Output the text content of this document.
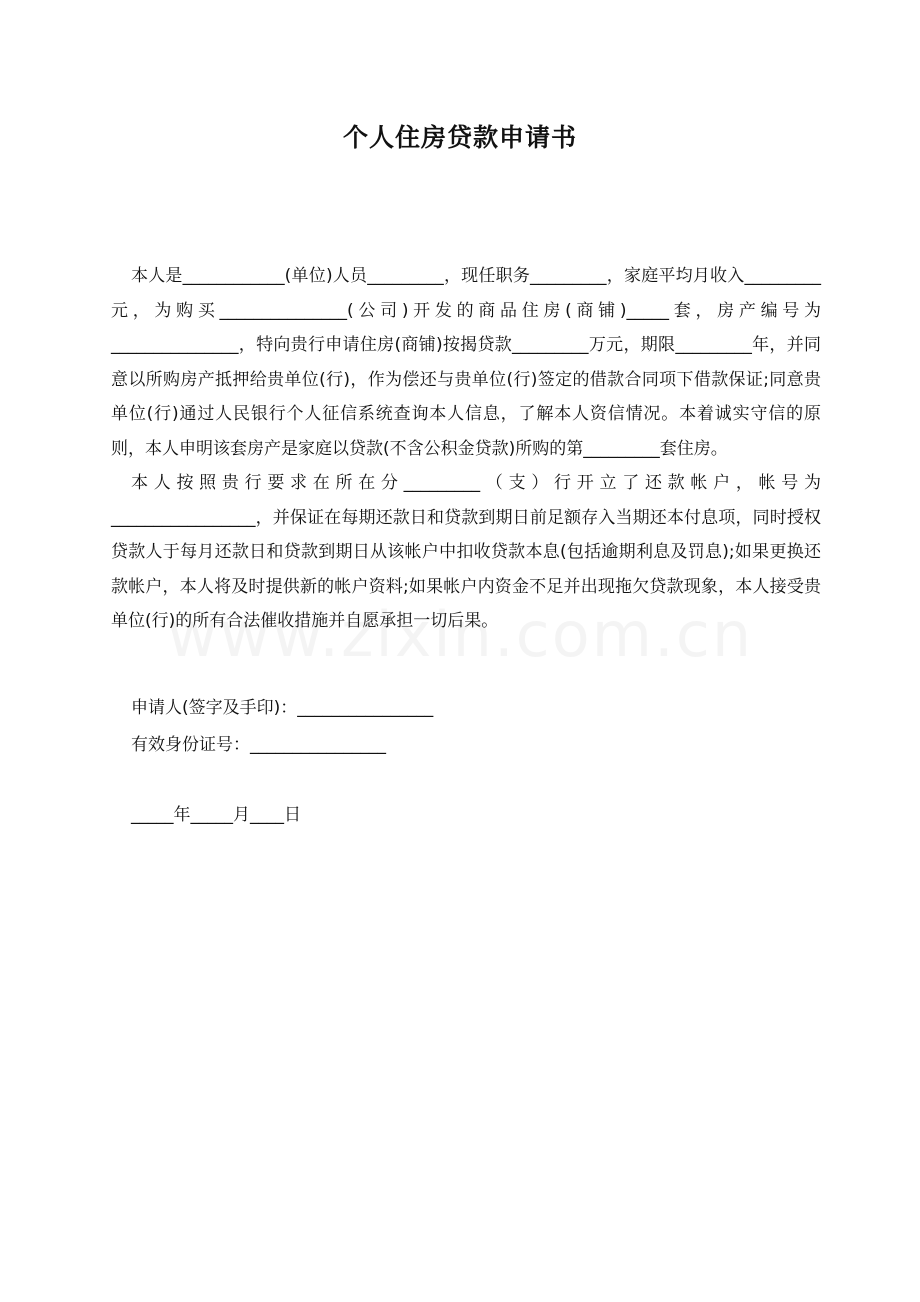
个人住房贷款申请书

本人是____________(单位)人员_________，现任职务_________，家庭平均月收入_________元，为购买_______________(公司)开发的商品住房(商铺)_____套，房产编号为_______________，特向贵行申请住房(商铺)按揭贷款_________万元，期限_________年，并同意以所购房产抵押给贵单位(行)，作为偿还与贵单位(行)签定的借款合同项下借款保证;同意贵单位(行)通过人民银行个人征信系统查询本人信息，了解本人资信情况。本着诚实守信的原则，本人申明该套房产是家庭以贷款(不含公积金贷款)所购的第_________套住房。

本人按照贵行要求在所在分_________（支）行开立了还款帐户，帐号为_________________，并保证在每期还款日和贷款到期日前足额存入当期还本付息项，同时授权贷款人于每月还款日和贷款到期日从该帐户中扣收贷款本息(包括逾期利息及罚息);如果更换还款帐户，本人将及时提供新的帐户资料;如果帐户内资金不足并出现拖欠贷款现象，本人接受贵单位(行)的所有合法催收措施并自愿承担一切后果。

申请人(签字及手印)：________________
有效身份证号：________________
_____年_____月____日
